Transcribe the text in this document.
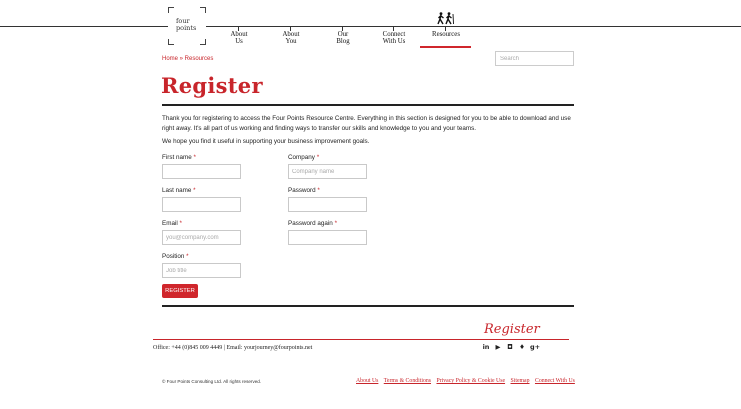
four points
About
Us
About
You
Our
Blog
Connect
With Us
Resources
Home » Resources
Search
Register

Thank you for registering to access the Four Points Resource Centre. Everything in this section is designed for you to be able to download and use right away. It's all part of us working and finding ways to transfer our skills and knowledge to you and your teams.

We hope you find it useful in supporting your business improvement goals.

First name *
Last name *
Email *
you@company.com
Position *
Job title
Company *
Company name
Password *
Password again *
REGISTER
Register
Office: +44 (0)845 009 4449 | Email: yourjourney@fourpoints.net	in ▶ ◘ ♦ g+
© Four Points Consulting Ltd. All rights reserved.	About Us Terms & Conditions Privacy Policy & Cookie Use Sitemap Connect With Us
